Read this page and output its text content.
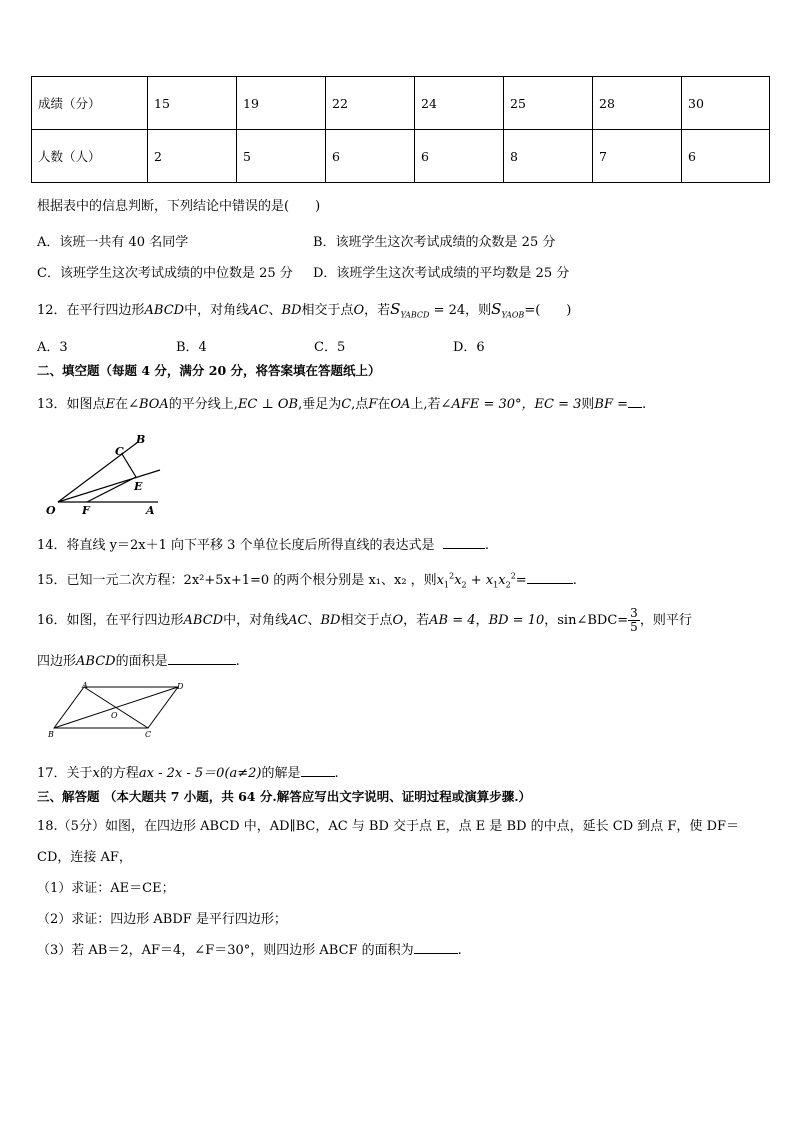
成绩（分）	15	19	22	24	25	28	30
人数（人）	2	5	6	6	8	7	6
根据表中的信息判断，下列结论中错误的是(　　)
A．该班一共有 40 名同学	B．该班学生这次考试成绩的众数是 25 分
C．该班学生这次考试成绩的中位数是 25 分 D．该班学生这次考试成绩的平均数是 25 分
12．在平行四边形ABCD中，对角线AC、BD相交于点O，若$S_{YABCD} = 24$，则$S_{YAOB}=$(　　)
A．3	B．4	C．5	D．6
二、填空题（每题 4 分，满分 20 分，将答案填在答题纸上）
13．如图点E在∠BOA的平分线上,EC ⊥ OB,垂足为C,点F在OA上,若∠AFE = 30°，EC = 3则BF = .
C
B
E
O F	A
14．将直线 y＝2x＋1 向下平移 3 个单位长度后所得直线的表达式是	.
15．已知一元二次方程：2x²+5x+1=0 的两个根分别是 x₁、x₂ ，则$x_1^2x_2 + x_1x_2^2=$	.
16．如图，在平行四边形ABCD中，对角线AC、BD相交于点O，若AB = 4，BD = 10，sin∠BDC= $\frac{3}{5}$ ，则平行
四边形ABCD的面积是	.
A	D
O
B	C
17．关于x的方程ax - 2x - 5＝0(a≠2)的解是	.
三、解答题 （本大题共 7 小题，共 64 分.解答应写出文字说明、证明过程或演算步骤.）
18.（5分）如图，在四边形 ABCD 中，AD∥BC，AC 与 BD 交于点 E，点 E 是 BD 的中点，延长 CD 到点 F，使 DF＝
CD，连接 AF，
（1）求证：AE＝CE；
（2）求证：四边形 ABDF 是平行四边形；
（3）若 AB＝2，AF＝4，∠F＝30°，则四边形 ABCF 的面积为	.
